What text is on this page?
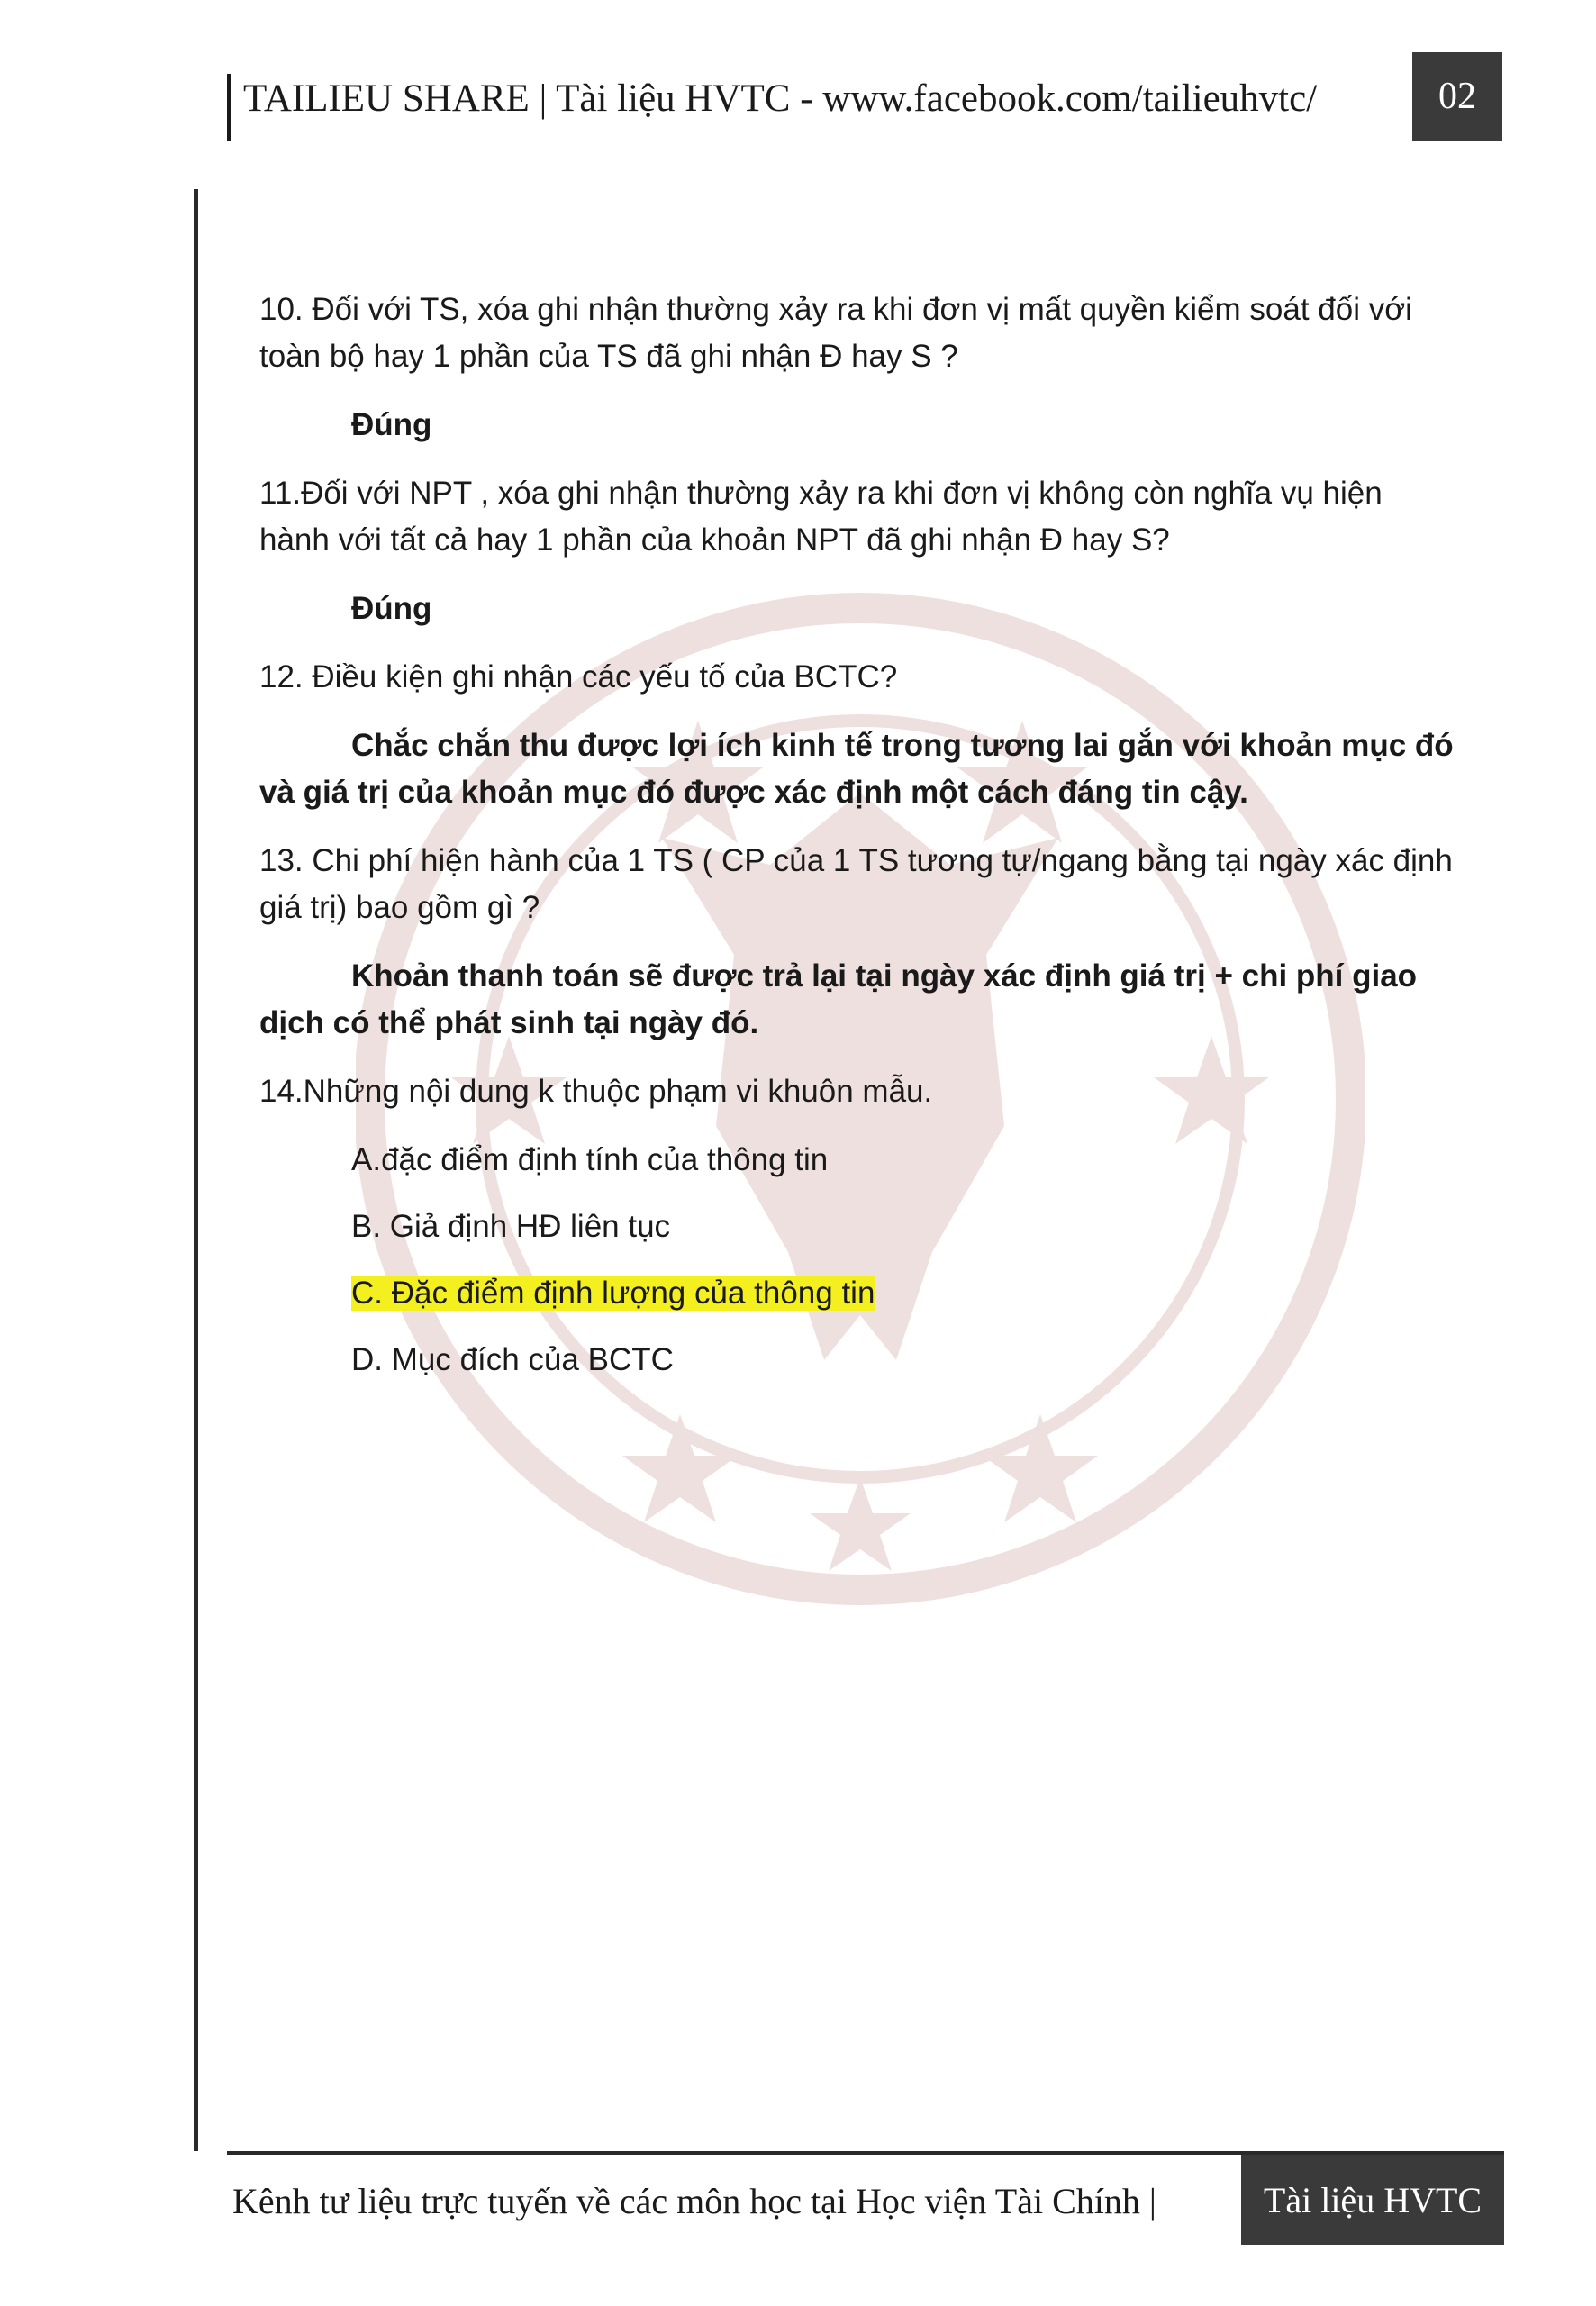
TAILIEU SHARE | Tài liệu HVTC - www.facebook.com/tailieuhvtc/	02

10. Đối với TS, xóa ghi nhận thường xảy ra khi đơn vị mất quyền kiểm soát đối với toàn bộ hay 1 phần của TS đã ghi nhận Đ hay S ?

Đúng

11.Đối với NPT , xóa ghi nhận thường xảy ra khi đơn vị không còn nghĩa vụ hiện hành với tất cả hay 1 phần của khoản NPT đã ghi nhận Đ hay S?

Đúng

12. Điều kiện ghi nhận các yếu tố của BCTC?

Chắc chắn thu được lợi ích kinh tế trong tương lai gắn với khoản mục đó và giá trị của khoản mục đó được xác định một cách đáng tin cậy.

13. Chi phí hiện hành của 1 TS ( CP của 1 TS tương tự/ngang bằng tại ngày xác định giá trị) bao gồm gì ?

Khoản thanh toán sẽ được trả lại tại ngày xác định giá trị + chi phí giao dịch có thể phát sinh tại ngày đó.

14.Những nội dung k thuộc phạm vi khuôn mẫu.

A.đặc điểm định tính của thông tin

B. Giả định HĐ liên tục

C. Đặc điểm định lượng của thông tin

D. Mục đích của BCTC

Kênh tư liệu trực tuyến về các môn học tại Học viện Tài Chính |	Tài liệu HVTC
